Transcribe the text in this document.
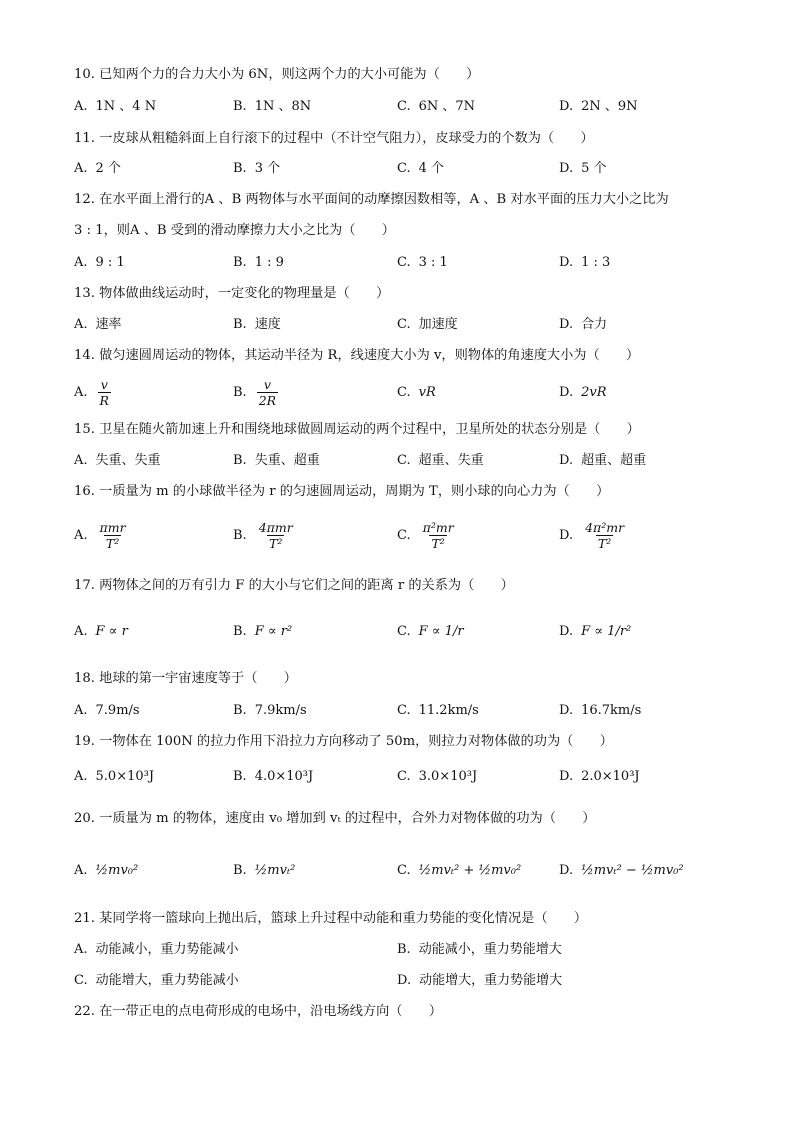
10. 已知两个力的合力大小为 6N，则这两个力的大小可能为（　　）
A. 1N 、4 N	B. 1N 、8N	C. 6N 、7N	D. 2N 、9N
11. 一皮球从粗糙斜面上自行滚下的过程中（不计空气阻力），皮球受力的个数为（　　）
A. 2 个	B. 3 个	C. 4 个	D. 5 个
12. 在水平面上滑行的A 、B 两物体与水平面间的动摩擦因数相等，A 、B 对水平面的压力大小之比为
3 : 1，则A 、B 受到的滑动摩擦力大小之比为（　　）
A. 9 : 1	B. 1 : 9	C. 3 : 1	D. 1 : 3
13. 物体做曲线运动时，一定变化的物理量是（　　）
A. 速率	B. 速度	C. 加速度	D. 合力
14. 做匀速圆周运动的物体，其运动半径为 R，线速度大小为 v，则物体的角速度大小为（　　）
A. $\frac{v}{R}$	B. $\frac{v}{2R}$	C. vR	D. 2vR
15. 卫星在随火箭加速上升和围绕地球做圆周运动的两个过程中，卫星所处的状态分别是（　　）
A. 失重、失重	B. 失重、超重	C. 超重、失重	D. 超重、超重
16. 一质量为 m 的小球做半径为 r 的匀速圆周运动，周期为 T，则小球的向心力为（　　）
A. $\frac{\text{πmr}}{\text{T²}}$	B. $\frac{\text{4πmr}}{\text{T²}}$	C. $\frac{\text{π²mr}}{\text{T²}}$	D. $\frac{\text{4π²mr}}{\text{T²}}$
17. 两物体之间的万有引力 F 的大小与它们之间的距离 r 的关系为（　　）
A. F ∝ r	B. F ∝ r²	C. F ∝ 1/r	D. F ∝ 1/r²
18. 地球的第一宇宙速度等于（　　）
A. 7.9m/s	B. 7.9km/s	C. 11.2km/s	D. 16.7km/s
19. 一物体在 100N 的拉力作用下沿拉力方向移动了 50m，则拉力对物体做的功为（　　）
A. 5.0×10³J	B. 4.0×10³J	C. 3.0×10³J	D. 2.0×10³J
20. 一质量为 m 的物体，速度由 v₀ 增加到 vₜ 的过程中，合外力对物体做的功为（　　）
A. ½mv₀²	B. ½mvₜ²	C. ½mvₜ² + ½mv₀²	D. ½mvₜ² − ½mv₀²
21. 某同学将一篮球向上抛出后，篮球上升过程中动能和重力势能的变化情况是（　　）
A. 动能减小，重力势能减小	B. 动能减小，重力势能增大
C. 动能增大，重力势能减小	D. 动能增大，重力势能增大
22. 在一带正电的点电荷形成的电场中，沿电场线方向（　　）
